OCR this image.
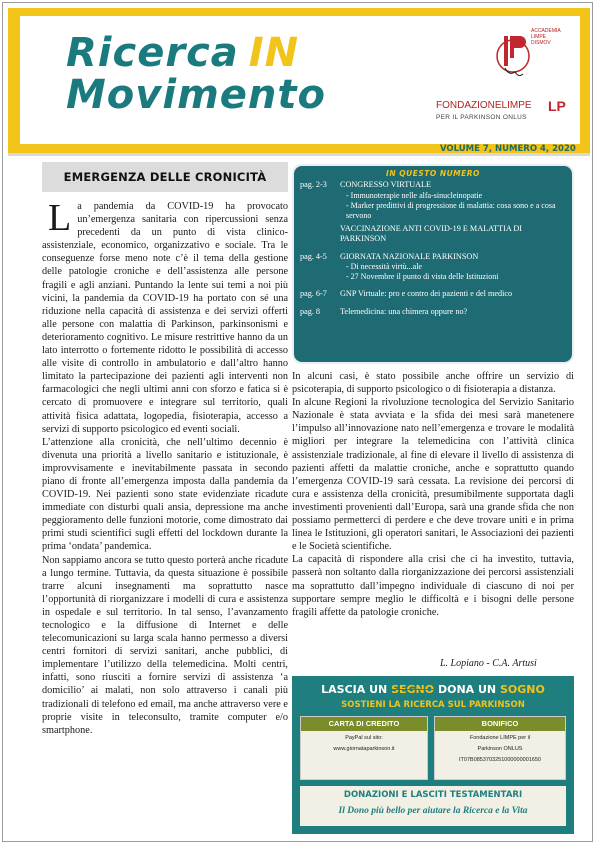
Ricerca IN
Movimento
ACCADEMIA LIMPE DISMOV
FONDAZIONELIMPE
PER IL PARKINSON ONLUS
LP
VOLUME 7, NUMERO 4, 2020
EMERGENZA DELLE CRONICITÀ

La pandemia da COVID-19 ha provocato un’emergenza sanitaria con ripercussioni senza precedenti da un punto di vista clinico-assistenziale, economico, organizzativo e sociale. Tra le conseguenze forse meno note c’è il tema della gestione delle patologie croniche e dell’assistenza alle persone fragili e agli anziani. Puntando la lente sui temi a noi più vicini, la pandemia da COVID-19 ha portato con sé una riduzione nella capacità di assistenza e dei servizi offerti alle persone con malattia di Parkinson, parkinsonismi e deterioramento cognitivo. Le misure restrittive hanno da un lato interrotto o fortemente ridotto le possibilità di accesso alle visite di controllo in ambulatorio e dall’altro hanno limitato la partecipazione dei pazienti agli interventi non farmacologici che negli ultimi anni con sforzo e fatica si è cercato di promuovere e integrare sul territorio, quali attività fisica adattata, logopedia, fisioterapia, accesso a servizi di supporto psicologico ed eventi sociali.

L’attenzione alla cronicità, che nell’ultimo decennio è divenuta una priorità a livello sanitario e istituzionale, è improvvisamente e inevitabilmente passata in secondo piano di fronte all’emergenza imposta dalla pandemia da COVID-19. Nei pazienti sono state evidenziate ricadute immediate con disturbi quali ansia, depressione ma anche peggioramento delle funzioni motorie, come dimostrato dai primi studi scientifici sugli effetti del lockdown durante la prima ‘ondata’ pandemica.

Non sappiamo ancora se tutto questo porterà anche ricadute a lungo termine. Tuttavia, da questa situazione è possibile trarre alcuni insegnamenti ma soprattutto nasce l’opportunità di riorganizzare i modelli di cura e assistenza in ospedale e sul territorio. In tal senso, l’avanzamento tecnologico e la diffusione di Internet e delle telecomunicazioni su larga scala hanno permesso a diversi centri fornitori di servizi sanitari, anche pubblici, di implementare l’utilizzo della telemedicina. Molti centri, infatti, sono riusciti a fornire servizi di assistenza ‘a domicilio’ ai malati, non solo attraverso i canali più tradizionali di telefono ed email, ma anche attraverso vere e proprie visite in teleconsulto, tramite computer e/o smartphone.

IN QUESTO NUMERO
pag. 2-3	CONGRESSO VIRTUALE
- Immunoterapie nelle alfa-sinucleinopatie
- Marker predittivi di progressione di malattia: cosa sono e a cosa servono
VACCINAZIONE ANTI COVID-19 E MALATTIA DI PARKINSON
pag. 4-5	GIORNATA NAZIONALE PARKINSON
- Di necessità virtù...ale
- 27 Novembre il punto di vista delle Istituzioni
pag. 6-7	GNP Virtuale: pro e contro dei pazienti e del medico
pag. 8	Telemedicina: una chimera oppure no?

In alcuni casi, è stato possibile anche offrire un servizio di psicoterapia, di supporto psicologico o di fisioterapia a distanza.

In alcune Regioni la rivoluzione tecnologica del Servizio Sanitario Nazionale è stata avviata e la sfida dei mesi sarà manetenere l’impulso all’innovazione nato nell’emergenza e trovare le modalità migliori per integrare la telemedicina con l’attività clinica assistenziale tradizionale, al fine di elevare il livello di assistenza di pazienti affetti da malattie croniche, anche e soprattutto quando l’emergenza COVID-19 sarà cessata. La revisione dei percorsi di cura e assistenza della cronicità, presumibilmente supportata dagli investimenti provenienti dall’Europa, sarà una grande sfida che non possiamo permetterci di perdere e che deve trovare uniti e in prima linea le Istituzioni, gli operatori sanitari, le Associazioni dei pazienti e le Società scientifiche.

La capacità di rispondere alla crisi che ci ha investito, tuttavia, passerà non soltanto dalla riorganizzazione dei percorsi assistenziali ma soprattutto dall’impegno individuale di ciascuno di noi per supportare sempre meglio le difficoltà e i bisogni delle persone fragili affette da patologie croniche.

L. Lopiano - C.A. Artusi
LASCIA UN SEGNO DONA UN SOGNO
SOSTIENI LA RICERCA SUL PARKINSON
CARTA DI CREDITO
PayPal sul sito:
www.giornataparkinson.it
BONIFICO
Fondazione LIMPE per il
Parkinson ONLUS
IT07B0853703251000000001650
DONAZIONI E LASCITI TESTAMENTARI
Il Dono più bello per aiutare la Ricerca e la Vita
